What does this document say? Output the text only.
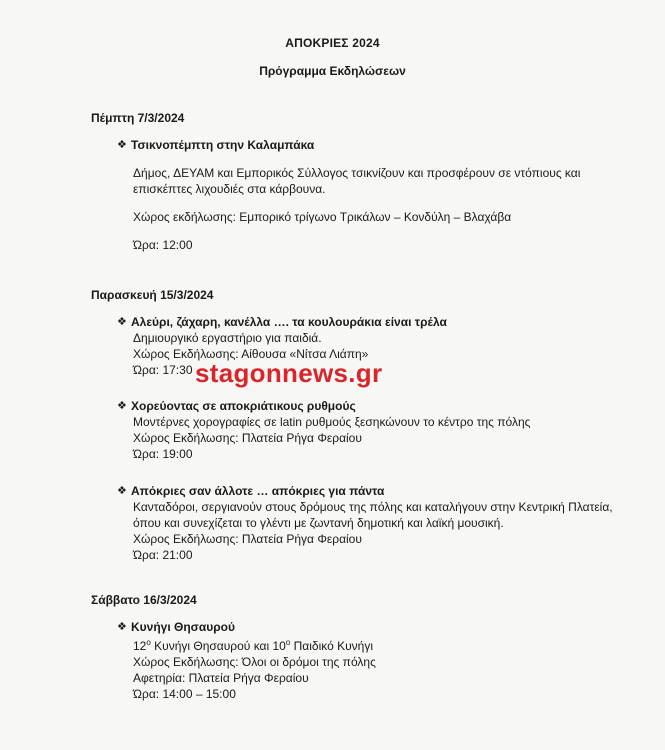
ΑΠΟΚΡΙΕΣ 2024
Πρόγραμμα Εκδηλώσεων
Πέμπτη 7/3/2024
❖ Τσικνοπέμπτη στην Καλαμπάκα
Δήμος, ΔΕΥΑΜ και Εμπορικός Σύλλογος τσικνίζουν και προσφέρουν σε ντόπιους και
επισκέπτες λιχουδιές στα κάρβουνα.
Χώρος εκδήλωσης: Εμπορικό τρίγωνο Τρικάλων – Κονδύλη – Βλαχάβα
Ώρα: 12:00
Παρασκευή 15/3/2024
❖ Αλεύρι, ζάχαρη, κανέλλα …. τα κουλουράκια είναι τρέλα
Δημιουργικό εργαστήριο για παιδιά.
Χώρος Εκδήλωσης: Αίθουσα «Νίτσα Λιάπη»
Ώρα: 17:30
❖ Χορεύοντας σε αποκριάτικους ρυθμούς
Μοντέρνες χορογραφίες σε latin ρυθμούς ξεσηκώνουν το κέντρο της πόλης
Χώρος Εκδήλωσης: Πλατεία Ρήγα Φεραίου
Ώρα: 19:00
❖ Απόκριες σαν άλλοτε … απόκριες για πάντα
Κανταδόροι, σεργιανούν στους δρόμους της πόλης και καταλήγουν στην Κεντρική Πλατεία,
όπου και συνεχίζεται το γλέντι με ζωντανή δημοτική και λαϊκή μουσική.
Χώρος Εκδήλωσης: Πλατεία Ρήγα Φεραίου
Ώρα: 21:00
Σάββατο 16/3/2024
❖ Κυνήγι Θησαυρού
$12^o$ Κυνήγι Θησαυρού και $10^o$ Παιδικό Κυνήγι
Χώρος Εκδήλωσης: Όλοι οι δρόμοι της πόλης
Αφετηρία: Πλατεία Ρήγα Φεραίου
Ώρα: 14:00 – 15:00
stagonnews.gr
